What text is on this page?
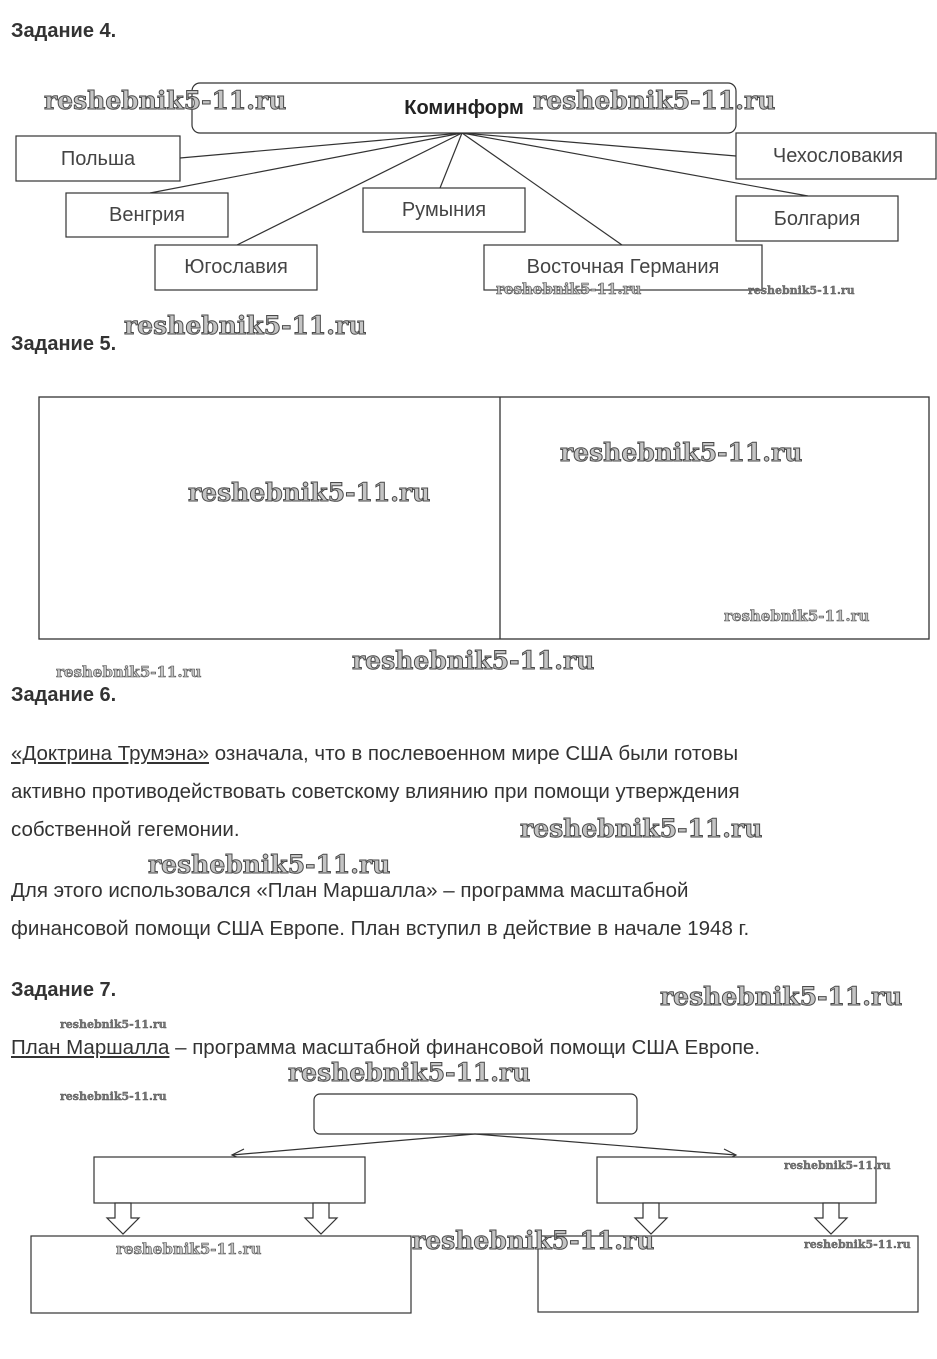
Задание 4.
Задание 5.
Задание 6.
Задание 7.
Коминформ
Польша
Венгрия
Югославия
Румыния
Восточная Германия
Болгария
Чехословакия
«Доктрина Трумэна» означала, что в послевоенном мире США были готовы
активно противодействовать советскому влиянию при помощи утверждения
собственной гегемонии.
Для этого использовался «План Маршалла» – программа масштабной
финансовой помощи США Европе. План вступил в действие в начале 1948 г.
План Маршалла – программа масштабной финансовой помощи США Европе.
reshebnik5-11.ru	reshebnik5-11.ru
reshebnik5-11.ru	reshebnik5-11.ru
reshebnik5-11.ru
reshebnik5-11.ru
reshebnik5-11.ru
reshebnik5-11.ru
reshebnik5-11.ru
reshebnik5-11.ru
reshebnik5-11.ru
reshebnik5-11.ru
reshebnik5-11.ru
reshebnik5-11.ru
reshebnik5-11.ru
reshebnik5-11.ru
reshebnik5-11.ru
reshebnik5-11.ru	reshebnik5-11.ru	reshebnik5-11.ru
